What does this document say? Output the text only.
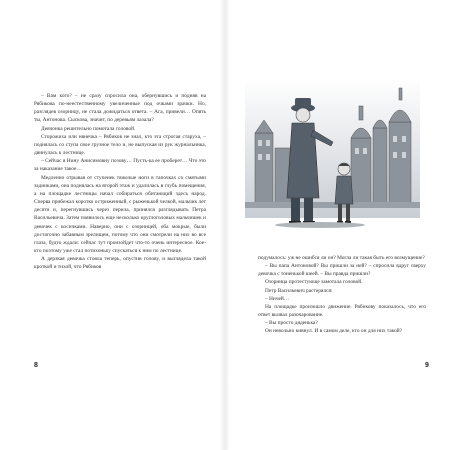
– Вам кого? – не сразу спросила она, обернувшись и подняв на Рябикова по-неестественному увеличенные под очками зрачки. Но, разглядев озорницу, не стала дожидаться ответа. – Ага, привели… Опять ты, Антонова. Сыскова, значит, по деревьям лазала?

Девчонка решительно помотала головой.

Сторожиха или нянечка – Рябиков не знал, кто эта строгая старуха, – поднялась со ступа свое грузное тело и, не выпуская из рук журнальника, двинулась к лестнице.

– Сейчас я Нину Анисимовну позову… Пусть-ка ее проберет… Что это за наказание такое…

Медленно отрывая от ступенек тяжелые ноги в тапочках со смятыми задниками, она поднялась на второй этаж и удалилась в глубь помещения, а на площадке лестницы начал собираться обитающий здесь народ. Сперва прибежал коротко остриженный, с рыженькой челкой, мальчик лет десяти и, перегнувшись через перила, принялся разглядывать Петра Васильевича. Затем появилось еще несколько круглоголовых мальчишек и девочек с косичками. Наверно, они с озорницей, оба мокрые, были достаточно забавным зрелищем, потому что они смотрели на них во все глаза, будто ждали: сейчас тут произойдет что-то очень интересное. Кое-кто поэтому уже стал потихоньку спускаться к ним по лестнице.

А дерзкая девочка стояла теперь, опустив голову, и выглядела такой кроткой и тихой, что Рябиков

8

подумалось: уж не ошибся ли он? Могла ли такая быть его возмущение?

– Вы папа Антоновой? Вы пришли за ней? – спросила вдруг сверху девочка с тоненькой шеей. – Вы правда пришли?

Озорница протестующе замотала головой.

Петр Васильевич растерялся:

– Ничей…

На площадке произошло движение. Рябикову показалось, что его ответ вызвал разочарование.

– Вы просто дяденька?

Он невольно кивнул. И в самом деле, кто он для них такой?

9
